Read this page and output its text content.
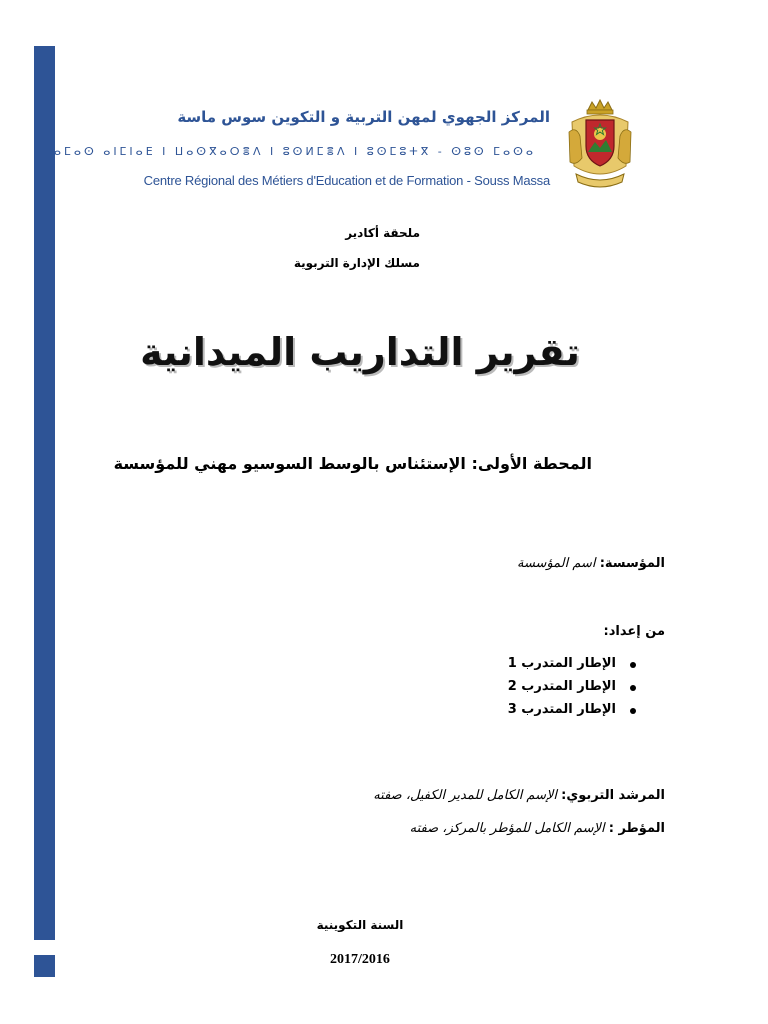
المركز الجهوي لمهن التربية و التكوين سوس ماسة
ⴰⵎⴰⵙ ⴰⵏⵎⵏⴰⴹ ⵏ ⵡⴰⵙⴳⴰⵔⴻⴷ ⵏ ⵓⵙⵍⵎⴻⴷ ⵏ ⵓⵙⵎⵓⵜⴳ - ⵙⵓⵙ ⵎⴰⵙⴰ
Centre Régional des Métiers d'Education et de Formation - Souss Massa
ملحقة أكادير
مسلك الإدارة التربوية
تقرير التداريب الميدانية
المحطة الأولى: الإستئناس بالوسط السوسيو مهني للمؤسسة
المؤسسة: اسم المؤسسة
من إعداد:
الإطار المتدرب 1
الإطار المتدرب 2
الإطار المتدرب 3
المرشد التربوي: الإسم الكامل للمدير الكفيل، صفته
المؤطر : الإسم الكامل للمؤطر بالمركز، صفته
السنة التكوينية
2017/2016
